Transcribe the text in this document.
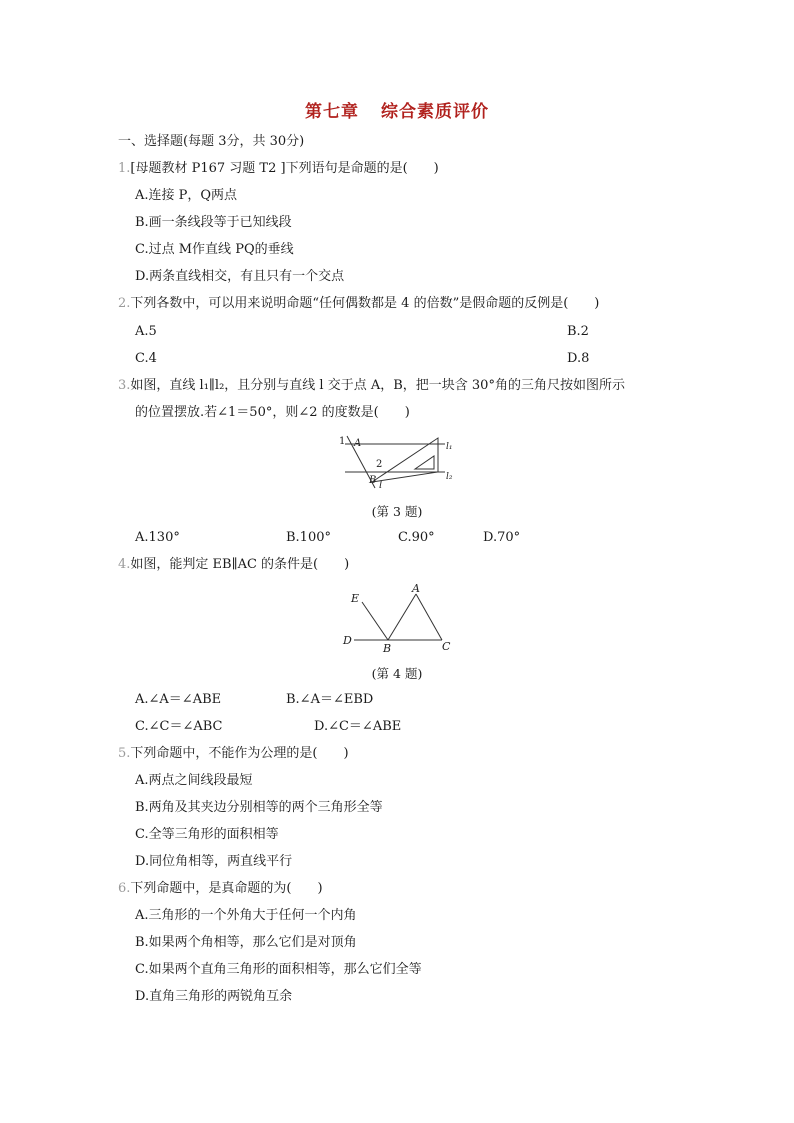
第七章 综合素质评价
一、选择题(每题 3分，共 30分)
1.[母题教材 P167 习题 T2 ]下列语句是命题的是(　　)
A.连接 P，Q两点
B.画一条线段等于已知线段
C.过点 M作直线 PQ的垂线
D.两条直线相交，有且只有一个交点
2.下列各数中，可以用来说明命题“任何偶数都是 4 的倍数”是假命题的反例是(　　)
A.5	B.2
C.4	D.8
3.如图，直线 l₁∥l₂，且分别与直线 l 交于点 A，B，把一块含 30°角的三角尺按如图所示
的位置摆放.若∠1＝50°，则∠2 的度数是(　　)
1 A
2
B l
l₁
l₂
(第 3 题)
A.130°	B.100°	C.90°	D.70°
4.如图，能判定 EB∥AC 的条件是(　　)
E
A
D
B	C
(第 4 题)
A.∠A＝∠ABE	B.∠A＝∠EBD
C.∠C＝∠ABC	D.∠C＝∠ABE
5.下列命题中，不能作为公理的是(　　)
A.两点之间线段最短
B.两角及其夹边分别相等的两个三角形全等
C.全等三角形的面积相等
D.同位角相等，两直线平行
6.下列命题中，是真命题的为(　　)
A.三角形的一个外角大于任何一个内角
B.如果两个角相等，那么它们是对顶角
C.如果两个直角三角形的面积相等，那么它们全等
D.直角三角形的两锐角互余
